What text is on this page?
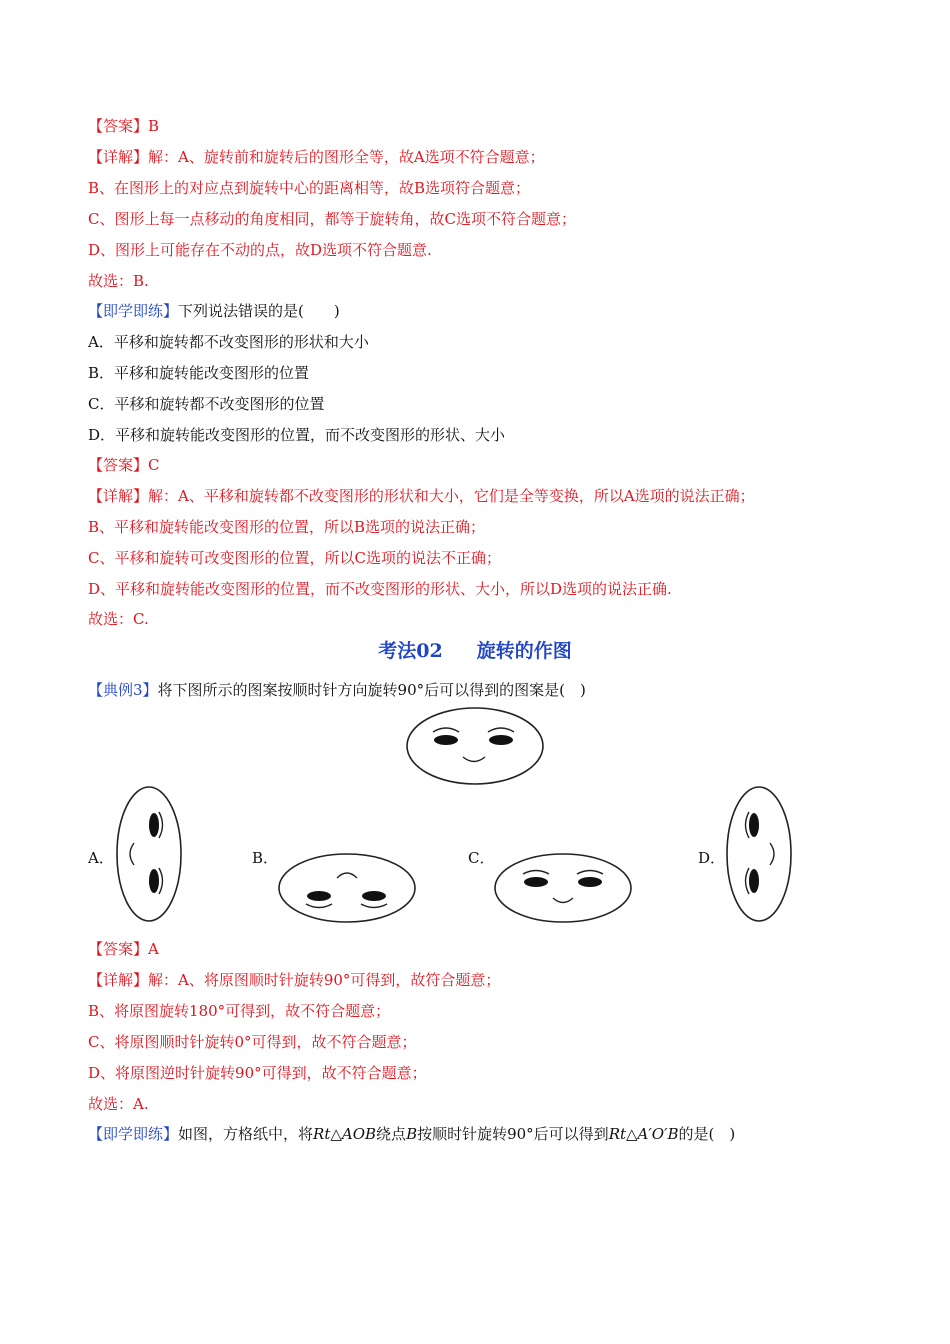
【答案】B
【详解】解：A、旋转前和旋转后的图形全等，故A选项不符合题意；
B、在图形上的对应点到旋转中心的距离相等，故B选项符合题意；
C、图形上每一点移动的角度相同，都等于旋转角，故C选项不符合题意；
D、图形上可能存在不动的点，故D选项不符合题意.
故选：B.
【即学即练】下列说法错误的是(　　)
A．平移和旋转都不改变图形的形状和大小
B．平移和旋转能改变图形的位置
C．平移和旋转都不改变图形的位置
D．平移和旋转能改变图形的位置，而不改变图形的形状、大小
【答案】C
【详解】解：A、平移和旋转都不改变图形的形状和大小，它们是全等变换，所以A选项的说法正确；
B、平移和旋转能改变图形的位置，所以B选项的说法正确；
C、平移和旋转可改变图形的位置，所以C选项的说法不正确；
D、平移和旋转能改变图形的位置，而不改变图形的形状、大小，所以D选项的说法正确.
故选：C.
考法02 旋转的作图
【典例3】将下图所示的图案按顺时针方向旋转90°后可以得到的图案是(　)
A．	B．	C．	D．
【答案】A
【详解】解：A、将原图顺时针旋转90°可得到，故符合题意；
B、将原图旋转180°可得到，故不符合题意；
C、将原图顺时针旋转0°可得到，故不符合题意；
D、将原图逆时针旋转90°可得到，故不符合题意；
故选：A.
【即学即练】如图，方格纸中，将Rt△AOB绕点B按顺时针旋转90°后可以得到Rt△A′O′B的是(　)
